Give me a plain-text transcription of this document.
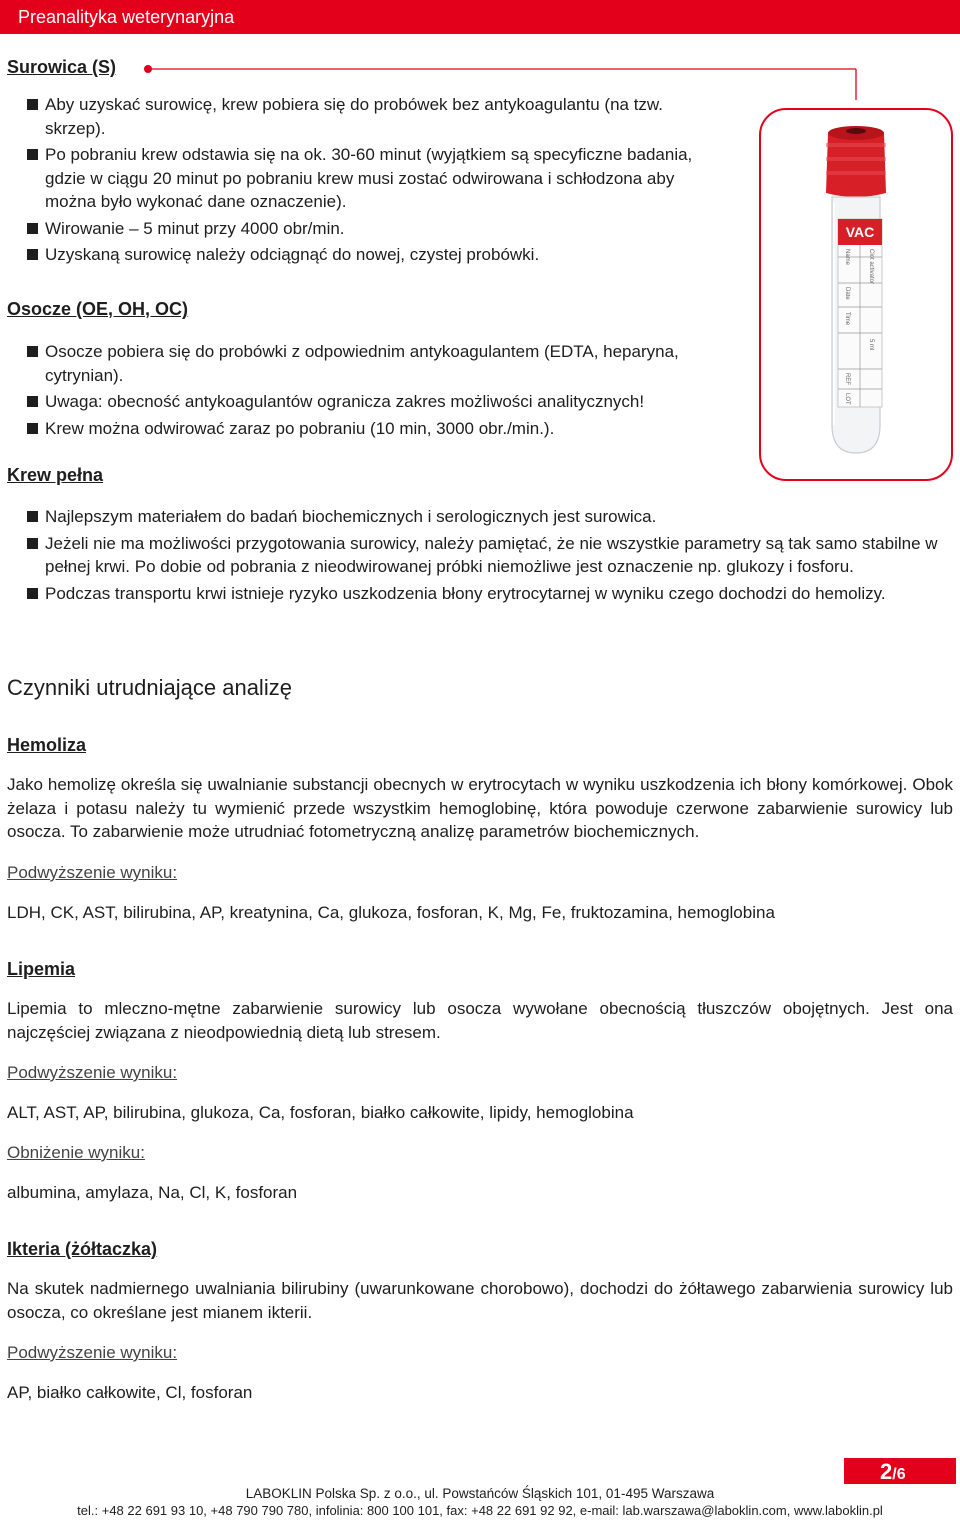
Preanalityka weterynaryjna
Surowica (S)
Aby uzyskać surowicę, krew pobiera się do probówek bez antykoagulantu (na tzw. skrzep).
Po pobraniu krew odstawia się na ok. 30-60 minut (wyjątkiem są specyficzne badania, gdzie w ciągu 20 minut po pobraniu krew musi zostać odwirowana i schłodzona aby można było wykonać dane oznaczenie).
Wirowanie – 5 minut przy 4000 obr/min.
Uzyskaną surowicę należy odciągnąć do nowej, czystej probówki.
VAC
Name
Date
Time
Clot activator
5 ml
REF
LOT
Osocze (OE, OH, OC)
Osocze pobiera się do probówki z odpowiednim antykoagulantem (EDTA, heparyna, cytrynian).
Uwaga: obecność antykoagulantów ogranicza zakres możliwości analitycznych!
Krew można odwirować zaraz po pobraniu (10 min, 3000 obr./min.).
Krew pełna
Najlepszym materiałem do badań biochemicznych i serologicznych jest surowica.
Jeżeli nie ma możliwości przygotowania surowicy, należy pamiętać, że nie wszystkie parametry są tak samo stabilne w pełnej krwi. Po dobie od pobrania z nieodwirowanej próbki niemożliwe jest oznaczenie np. glukozy i fosforu.
Podczas transportu krwi istnieje ryzyko uszkodzenia błony erytrocytarnej w wyniku czego dochodzi do hemolizy.
Czynniki utrudniające analizę
Hemoliza
Jako hemolizę określa się uwalnianie substancji obecnych w erytrocytach w wyniku uszkodzenia ich błony komórkowej. Obok żelaza i potasu należy tu wymienić przede wszystkim hemoglobinę, która powoduje czerwone zabarwienie surowicy lub osocza. To zabarwienie może utrudniać fotometryczną analizę parametrów biochemicznych.
Podwyższenie wyniku:
LDH, CK, AST, bilirubina, AP, kreatynina, Ca, glukoza, fosforan, K, Mg, Fe, fruktozamina, hemoglobina
Lipemia
Lipemia to mleczno-mętne zabarwienie surowicy lub osocza wywołane obecnością tłuszczów obojętnych. Jest ona najczęściej związana z nieodpowiednią dietą lub stresem.
Podwyższenie wyniku:
ALT, AST, AP, bilirubina, glukoza, Ca, fosforan, białko całkowite, lipidy, hemoglobina
Obniżenie wyniku:
albumina, amylaza, Na, Cl, K, fosforan
Ikteria (żółtaczka)
Na skutek nadmiernego uwalniania bilirubiny (uwarunkowane chorobowo), dochodzi do żółtawego zabarwienia surowicy lub osocza, co określane jest mianem ikterii.
Podwyższenie wyniku:
AP, białko całkowite, Cl, fosforan
2/6
LABOKLIN Polska Sp. z o.o., ul. Powstańców Śląskich 101, 01-495 Warszawa
tel.: +48 22 691 93 10, +48 790 790 780, infolinia: 800 100 101, fax: +48 22 691 92 92, e-mail: lab.warszawa@laboklin.com, www.laboklin.pl
